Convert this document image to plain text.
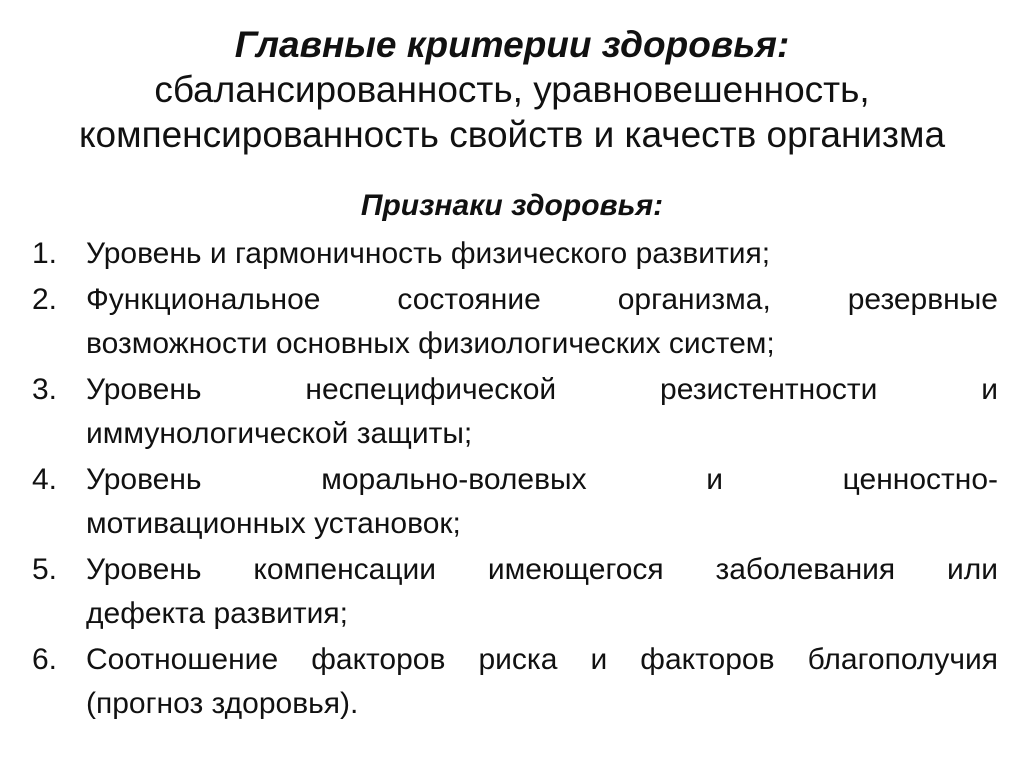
Главные критерии здоровья:
сбалансированность, уравновешенность,
компенсированность свойств и качеств организма
Признаки здоровья:
1. Уровень и гармоничность физического развития;
2. Функциональное состояние организма, резервные
возможности основных физиологических систем;
3. Уровень неспецифической резистентности и
иммунологической защиты;
4. Уровень морально-волевых и ценностно-
мотивационных установок;
5. Уровень компенсации имеющегося заболевания или
дефекта развития;
6. Соотношение факторов риска и факторов благополучия
(прогноз здоровья).
